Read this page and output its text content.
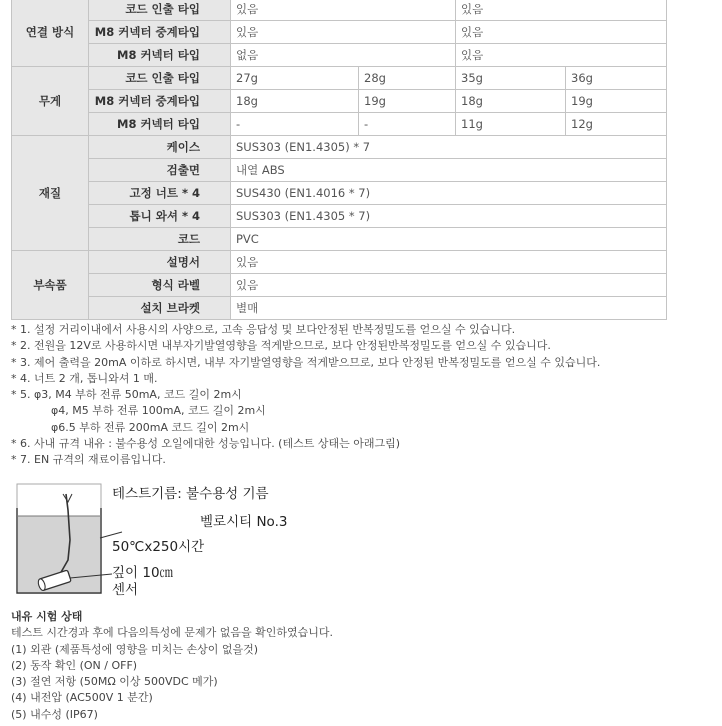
연결 방식	코드 인출 타입	있음		있음	
	M8 커넥터 중계타입	있음		있음	
	M8 커넥터 타입	없음		있음	
무게	코드 인출 타입	27g	28g	35g	36g
	M8 커넥터 중계타입	18g	19g	18g	19g
	M8 커넥터 타입	-	-	11g	12g
재질	케이스	SUS303 (EN1.4305) * 7			
	검출면	내열 ABS			
	고정 너트 * 4	SUS430 (EN1.4016 * 7)			
	톱니 와셔 * 4	SUS303 (EN1.4305 * 7)			
	코드	PVC			
부속품	설명서	있음			
	형식 라벨	있음			
	설치 브라켓	별매			
* 1. 설정 거리이내에서 사용시의 사양으로, 고속 응답성 및 보다안정된 반복정밀도를 얻으실 수 있습니다.
* 2. 전원을 12V로 사용하시면 내부자기발열영향을 적게받으므로, 보다 안정된반복정밀도를 얻으실 수 있습니다.
* 3. 제어 출력을 20mA 이하로 하시면, 내부 자기발열영향을 적게받으므로, 보다 안정된 반복정밀도를 얻으실 수 있습니다.
* 4. 너트 2 개, 톱니와셔 1 매.
* 5. φ3, M4 부하 전류 50mA, 코드 길이 2m시
φ4, M5 부하 전류 100mA, 코드 길이 2m시
φ6.5 부하 전류 200mA 코드 길이 2m시
* 6. 사내 규격 내유 : 불수용성 오일에대한 성능입니다. (테스트 상태는 아래그림)
* 7. EN 규격의 재료이름입니다.
테스트기름: 불수용성 기름
벨로시티 No.3
50℃x250시간
깊이 10㎝
센서
내유 시험 상태
테스트 시간경과 후에 다음의특성에 문제가 없음을 확인하였습니다.
(1) 외관 (제품특성에 영향을 미치는 손상이 없을것)
(2) 동작 확인 (ON / OFF)
(3) 절연 저항 (50MΩ 이상 500VDC 메가)
(4) 내전압 (AC500V 1 분간)
(5) 내수성 (IP67)
